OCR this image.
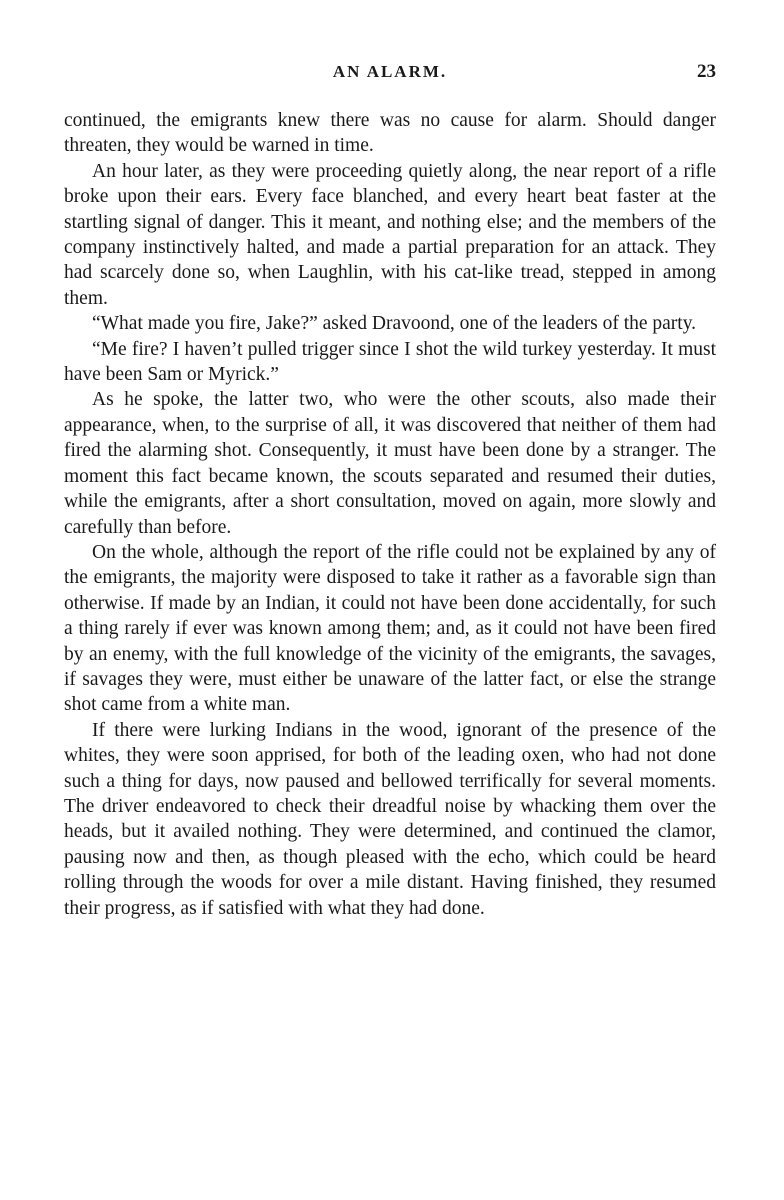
AN ALARM.	23

continued, the emigrants knew there was no cause for alarm. Should danger threaten, they would be warned in time.

An hour later, as they were proceeding quietly along, the near report of a rifle broke upon their ears. Every face blanched, and every heart beat faster at the startling signal of danger. This it meant, and nothing else; and the members of the company instinctively halted, and made a partial preparation for an attack. They had scarcely done so, when Laughlin, with his cat-like tread, stepped in among them.

“What made you fire, Jake?” asked Dravoond, one of the leaders of the party.

“Me fire? I haven’t pulled trigger since I shot the wild turkey yesterday. It must have been Sam or Myrick.”

As he spoke, the latter two, who were the other scouts, also made their appearance, when, to the surprise of all, it was discovered that neither of them had fired the alarming shot. Consequently, it must have been done by a stranger. The moment this fact became known, the scouts separated and resumed their duties, while the emigrants, after a short consultation, moved on again, more slowly and carefully than before.

On the whole, although the report of the rifle could not be explained by any of the emigrants, the majority were disposed to take it rather as a favorable sign than otherwise. If made by an Indian, it could not have been done accidentally, for such a thing rarely if ever was known among them; and, as it could not have been fired by an enemy, with the full knowledge of the vicinity of the emigrants, the savages, if savages they were, must either be unaware of the latter fact, or else the strange shot came from a white man.

If there were lurking Indians in the wood, ignorant of the presence of the whites, they were soon apprised, for both of the leading oxen, who had not done such a thing for days, now paused and bellowed terrifically for several moments. The driver endeavored to check their dreadful noise by whacking them over the heads, but it availed nothing. They were determined, and continued the clamor, pausing now and then, as though pleased with the echo, which could be heard rolling through the woods for over a mile distant. Having finished, they resumed their progress, as if satisfied with what they had done.
